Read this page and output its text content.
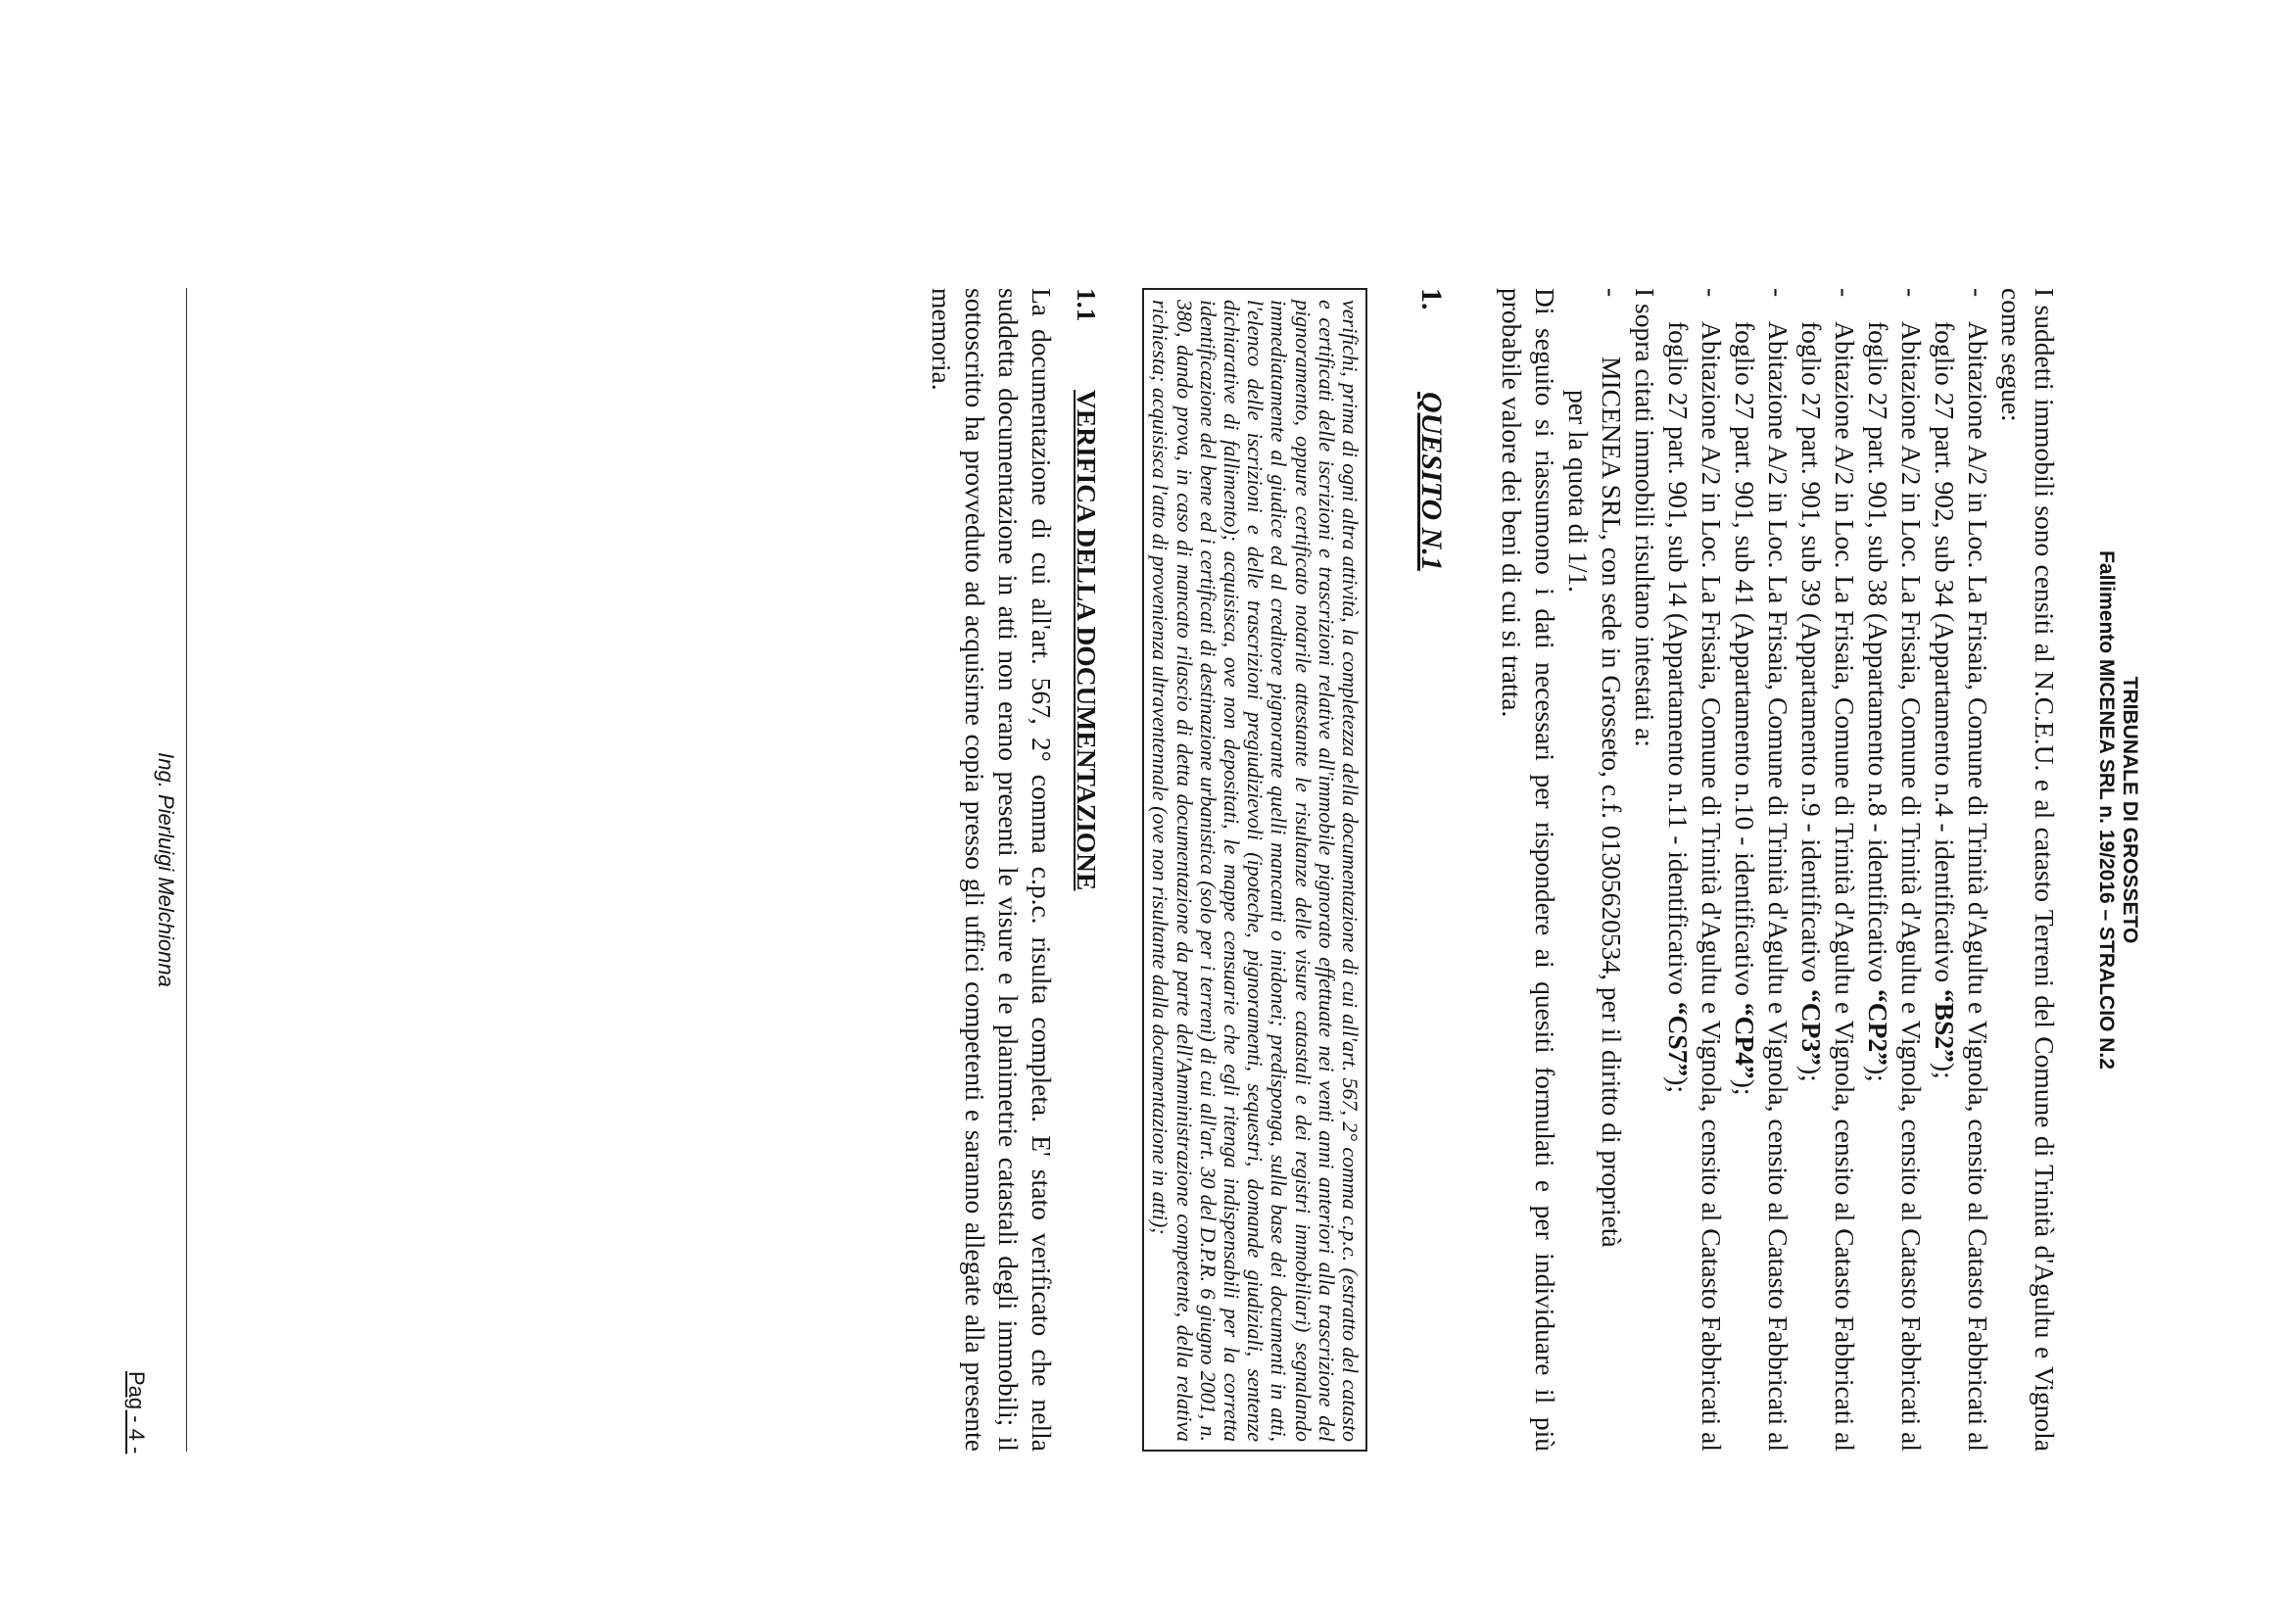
TRIBUNALE DI GROSSETO
Fallimento MICENEA SRL n. 19/2016 – STRALCIO N.2

I suddetti immobili sono censiti al N.C.E.U. e al catasto Terreni del Comune di Trinità d'Agultu e Vignola come segue:

- Abitazione A/2 in Loc. La Frisaia, Comune di Trinità d'Agultu e Vignola, censito al Catasto Fabbricati al foglio 27 part. 902, sub 34 (Appartamento n.4 - identificativo “BS2”);
- Abitazione A/2 in Loc. La Frisaia, Comune di Trinità d'Agultu e Vignola, censito al Catasto Fabbricati al foglio 27 part. 901, sub 38 (Appartamento n.8 - identificativo “CP2”);
- Abitazione A/2 in Loc. La Frisaia, Comune di Trinità d'Agultu e Vignola, censito al Catasto Fabbricati al foglio 27 part. 901, sub 39 (Appartamento n.9 - identificativo “CP3”);
- Abitazione A/2 in Loc. La Frisaia, Comune di Trinità d'Agultu e Vignola, censito al Catasto Fabbricati al foglio 27 part. 901, sub 41 (Appartamento n.10 - identificativo “CP4”);
- Abitazione A/2 in Loc. La Frisaia, Comune di Trinità d'Agultu e Vignola, censito al Catasto Fabbricati al foglio 27 part. 901, sub 14 (Appartamento n.11 - identificativo “CS7”);

I sopra citati immobili risultano intestati a:

-
MICENEA SRL, con sede in Grosseto, c.f. 01305620534, per il diritto di proprietà
per la quota di 1/1.

Di seguito si riassumono i dati necessari per rispondere ai quesiti formulati e per individuare il più probabile valore dei beni di cui si tratta.

1.QUESITO N.1
verifichi, prima di ogni altra attività, la completezza della documentazione di cui all'art. 567, 2° comma c.p.c. (estratto del catasto e certificati delle iscrizioni e trascrizioni relative all'immobile pignorato effettuate nei venti anni anteriori alla trascrizione del pignoramento, oppure certificato notarile attestante le risultanze delle visure catastali e dei registri immobiliari) segnalando immediatamente al giudice ed al creditore pignorante quelli mancanti o inidonei; predisponga, sulla base dei documenti in atti, l'elenco delle iscrizioni e delle trascrizioni pregiudizievoli (ipoteche, pignoramenti, sequestri, domande giudiziali, sentenze dichiarative di fallimento); acquisisca, ove non depositati, le mappe censuarie che egli ritenga indispensabili per la corretta identificazione del bene ed i certificati di destinazione urbanistica (solo per i terreni) di cui all'art. 30 del D.P.R. 6 giugno 2001, n. 380, dando prova, in caso di mancato rilascio di detta documentazione da parte dell'Amministrazione competente, della relativa richiesta; acquisisca l'atto di provenienza ultraventennale (ove non risultante dalla documentazione in atti);
1.1VERIFICA DELLA DOCUMENTAZIONE

La documentazione di cui all'art. 567, 2° comma c.p.c. risulta completa. E' stato verificato che nella suddetta documentazione in atti non erano presenti le visure e le planimetrie catastali degli immobili; il sottoscritto ha provveduto ad acquisirne copia presso gli uffici competenti e saranno allegate alla presente memoria.

Ing. Pierluigi Melchionna
Pag - 4 -
